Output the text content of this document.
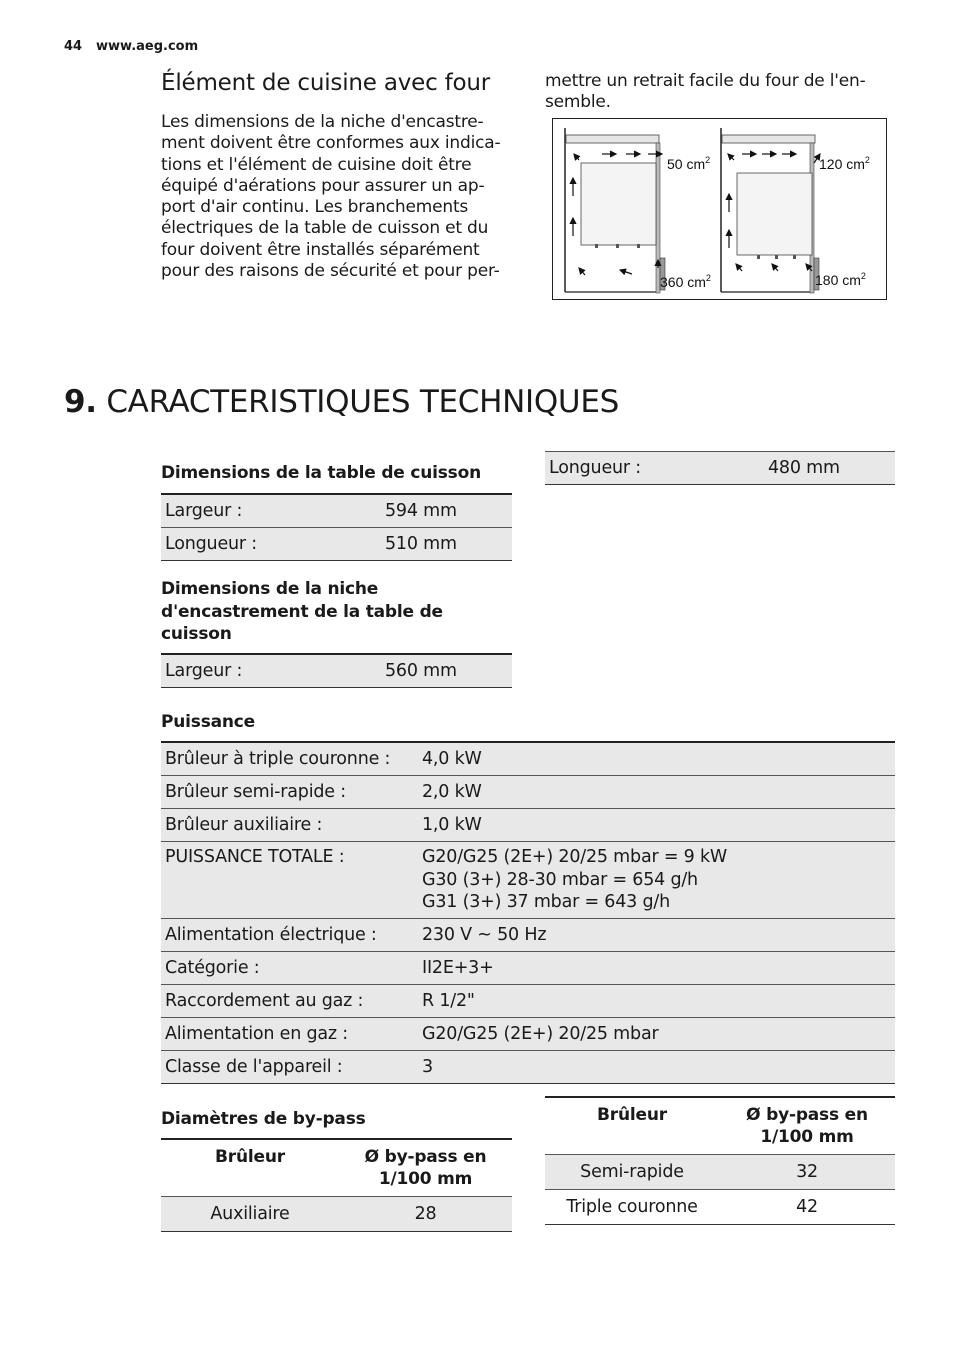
44 www.aeg.com
Élément de cuisine avec four
Les dimensions de la niche d'encastre-
ment doivent être conformes aux indica-
tions et l'élément de cuisine doit être
équipé d'aérations pour assurer un ap-
port d'air continu. Les branchements
électriques de la table de cuisson et du
four doivent être installés séparément
pour des raisons de sécurité et pour per-
mettre un retrait facile du four de l'en-
semble.
50 $cm^2$
360 $cm^2$
120 $cm^2$
180 $cm^2$
9. CARACTERISTIQUES TECHNIQUES
Dimensions de la table de cuisson
Largeur :	594 mm
Longueur :	510 mm
Dimensions de la niche
d'encastrement de la table de
cuisson
Largeur :	560 mm
Longueur :	480 mm
Puissance
Brûleur à triple couronne :	4,0 kW
Brûleur semi-rapide :	2,0 kW
Brûleur auxiliaire :	1,0 kW
PUISSANCE TOTALE :	G20/G25 (2E+) 20/25 mbar = 9 kW
G30 (3+) 28-30 mbar = 654 g/h
G31 (3+) 37 mbar = 643 g/h

Alimentation électrique :	230 V ~ 50 Hz
Catégorie :	II2E+3+
Raccordement au gaz :	R 1/2"
Alimentation en gaz :	G20/G25 (2E+) 20/25 mbar
Classe de l'appareil :	3
Diamètres de by-pass
Brûleur	Ø by-pass en
1/100 mm

Auxiliaire	28
Brûleur	Ø by-pass en
1/100 mm

Semi-rapide	32
Triple couronne	42
